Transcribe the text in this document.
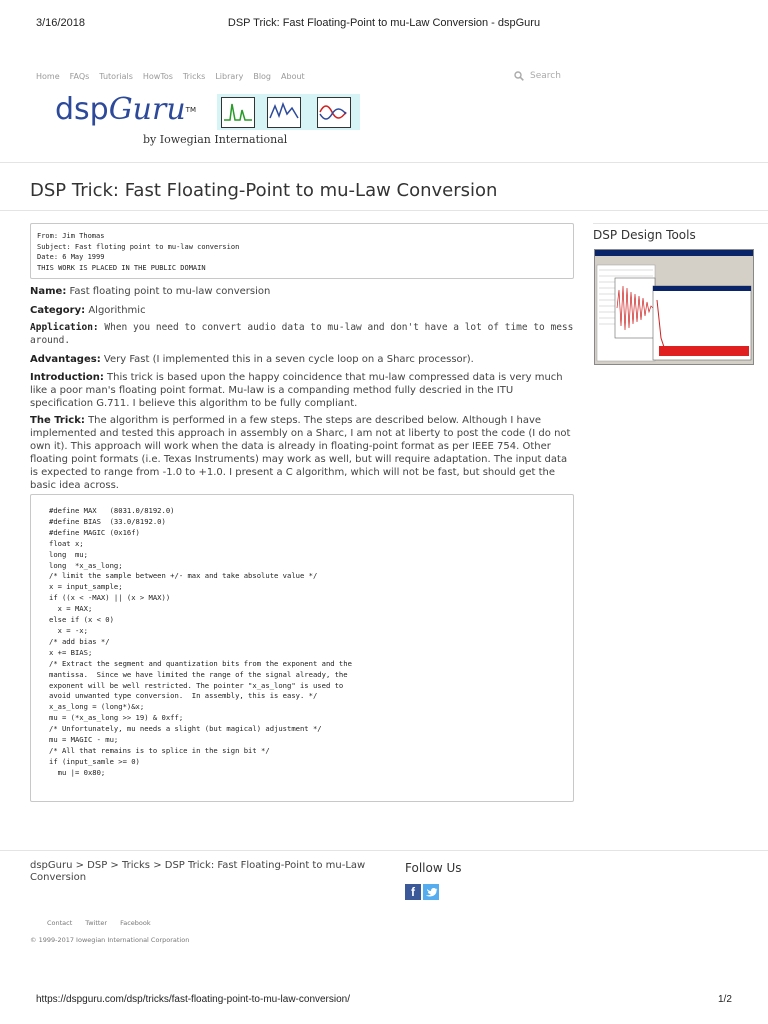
3/16/2018	DSP Trick: Fast Floating-Point to mu-Law Conversion - dspGuru
Home FAQs Tutorials HowTos Tricks Library Blog About	Search
dspGuru™
by Iowegian International
DSP Trick: Fast Floating-Point to mu-Law Conversion
From: Jim Thomas
Subject: Fast floting point to mu-law conversion
Date: 6 May 1999
THIS WORK IS PLACED IN THE PUBLIC DOMAIN
Name: Fast floating point to mu-law conversion
Category: Algorithmic
Application: When you need to convert audio data to mu-law and don't have a lot of time to mess around.
Advantages: Very Fast (I implemented this in a seven cycle loop on a Sharc processor).
Introduction: This trick is based upon the happy coincidence that mu-law compressed data is very much like a poor man's floating point format. Mu-law is a companding method fully descried in the ITU specification G.711. I believe this algorithm to be fully compliant.
The Trick: The algorithm is performed in a few steps. The steps are described below. Although I have implemented and tested this approach in assembly on a Sharc, I am not at liberty to post the code (I do not own it). This approach will work when the data is already in floating-point format as per IEEE 754. Other floating point formats (i.e. Texas Instruments) may work as well, but will require adaptation. The input data is expected to range from -1.0 to +1.0. I present a C algorithm, which will not be fast, but should get the basic idea across.
#define MAX   (8031.0/8192.0)
#define BIAS  (33.0/8192.0)
#define MAGIC (0x16f)
float x;
long  mu;
long  *x_as_long;
/* limit the sample between +/- max and take absolute value */
x = input_sample;
if ((x < -MAX) || (x > MAX))
x = MAX;
else if (x < 0)
x = -x;
/* add bias */
x += BIAS;
/* Extract the segment and quantization bits from the exponent and the
mantissa.  Since we have limited the range of the signal already, the
exponent will be well restricted. The pointer "x_as_long" is used to
avoid unwanted type conversion.  In assembly, this is easy. */
x_as_long = (long*)&x;
mu = (*x_as_long >> 19) & 0xff;
/* Unfortunately, mu needs a slight (but magical) adjustment */
mu = MAGIC - mu;
/* All that remains is to splice in the sign bit */
if (input_samle >= 0)
mu |= 0x80;
DSP Design Tools
dspGuru > DSP > Tricks > DSP Trick: Fast Floating-Point to mu-Law Conversion
Follow Us
f
Contact Twitter Facebook
© 1999-2017 Iowegian International Corporation
https://dspguru.com/dsp/tricks/fast-floating-point-to-mu-law-conversion/	1/2
